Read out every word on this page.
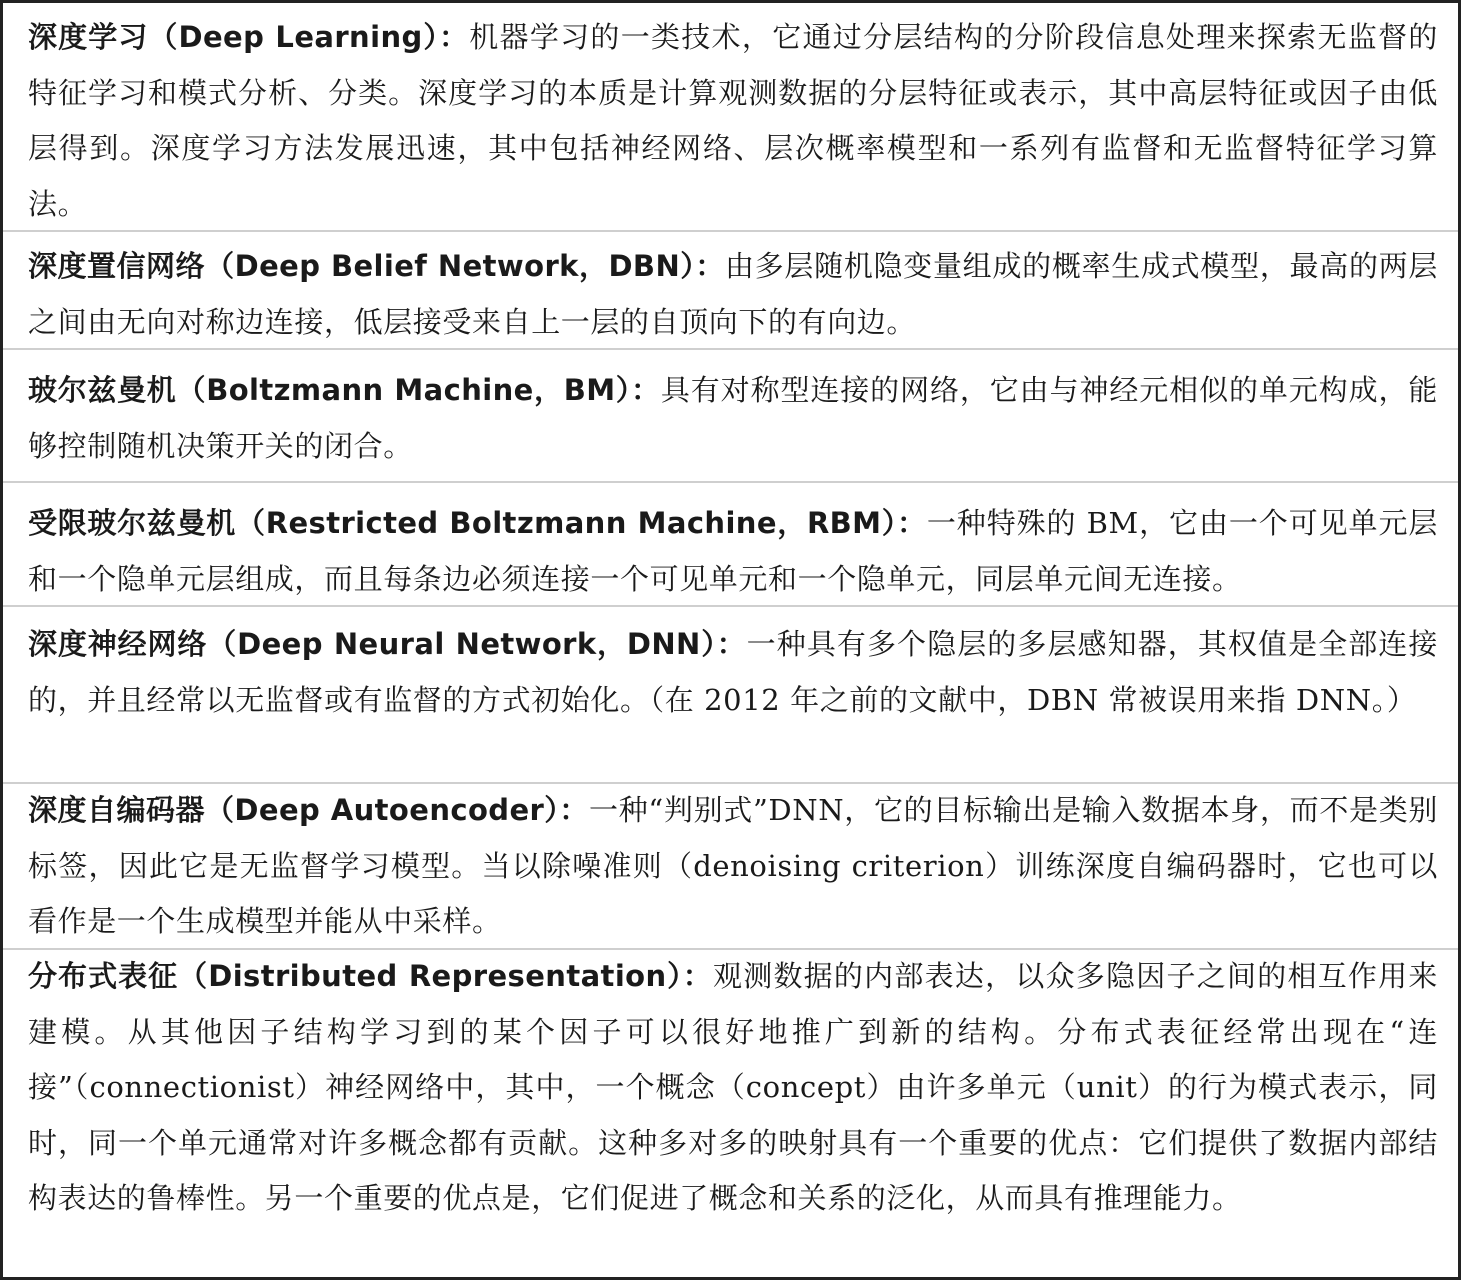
深度学习（Deep Learning）：机器学习的一类技术，它通过分层结构的分阶段信息处理来探索无监督的特征学习和模式分析、分类。深度学习的本质是计算观测数据的分层特征或表示，其中高层特征或因子由低层得到。深度学习方法发展迅速，其中包括神经网络、层次概率模型和一系列有监督和无监督特征学习算法。
深度置信网络（Deep Belief Network，DBN）：由多层随机隐变量组成的概率生成式模型，最高的两层之间由无向对称边连接，低层接受来自上一层的自顶向下的有向边。
玻尔兹曼机（Boltzmann Machine，BM）：具有对称型连接的网络，它由与神经元相似的单元构成，能够控制随机决策开关的闭合。
受限玻尔兹曼机（Restricted Boltzmann Machine，RBM）：一种特殊的 BM，它由一个可见单元层和一个隐单元层组成，而且每条边必须连接一个可见单元和一个隐单元，同层单元间无连接。
深度神经网络（Deep Neural Network，DNN）：一种具有多个隐层的多层感知器，其权值是全部连接的，并且经常以无监督或有监督的方式初始化。（在 2012 年之前的文献中，DBN 常被误用来指 DNN。）
深度自编码器（Deep Autoencoder）：一种“判别式”DNN，它的目标输出是输入数据本身，而不是类别标签，因此它是无监督学习模型。当以除噪准则（denoising criterion）训练深度自编码器时，它也可以看作是一个生成模型并能从中采样。
分布式表征（Distributed Representation）：观测数据的内部表达，以众多隐因子之间的相互作用来建模。从其他因子结构学习到的某个因子可以很好地推广到新的结构。分布式表征经常出现在“连接”（connectionist）神经网络中，其中，一个概念（concept）由许多单元（unit）的行为模式表示，同时，同一个单元通常对许多概念都有贡献。这种多对多的映射具有一个重要的优点：它们提供了数据内部结构表达的鲁棒性。另一个重要的优点是，它们促进了概念和关系的泛化，从而具有推理能力。
